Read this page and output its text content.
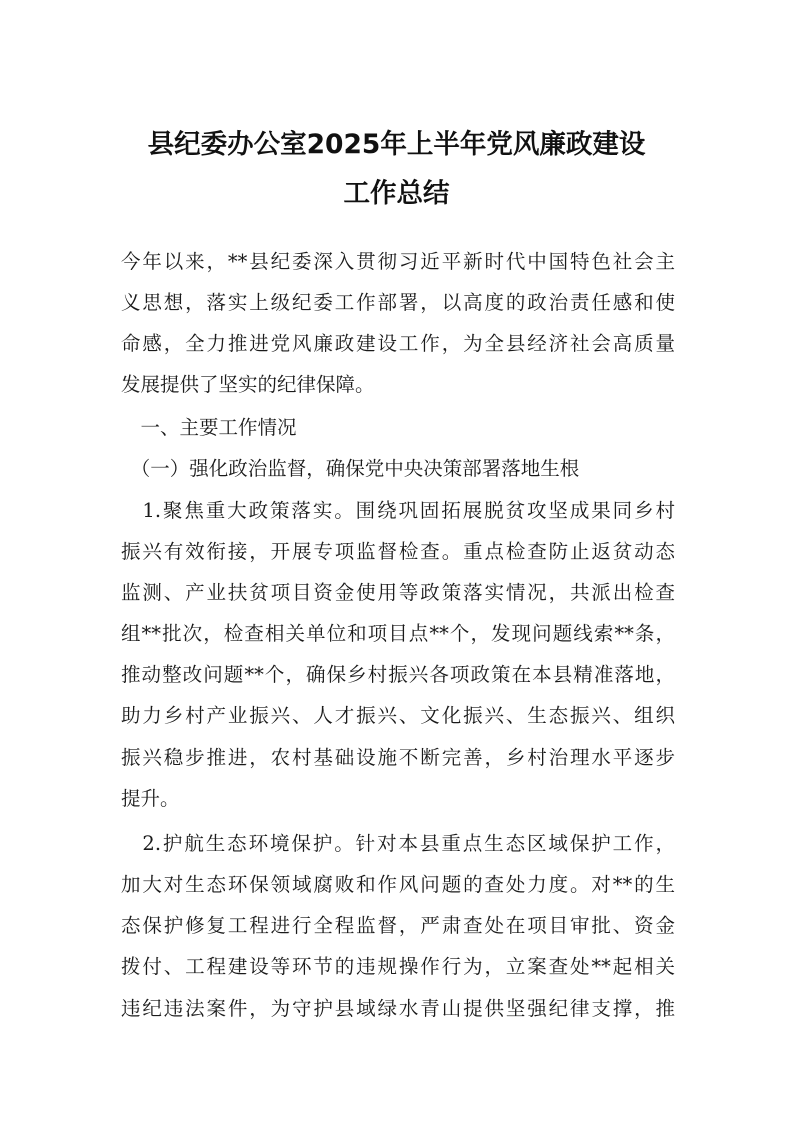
县纪委办公室2025年上半年党风廉政建设
工作总结
今年以来，**县纪委深入贯彻习近平新时代中国特色社会主
义思想，落实上级纪委工作部署，以高度的政治责任感和使
命感，全力推进党风廉政建设工作，为全县经济社会高质量
发展提供了坚实的纪律保障。
　一、主要工作情况
　（一）强化政治监督，确保党中央决策部署落地生根
　1.聚焦重大政策落实。围绕巩固拓展脱贫攻坚成果同乡村
振兴有效衔接，开展专项监督检查。重点检查防止返贫动态
监测、产业扶贫项目资金使用等政策落实情况，共派出检查
组**批次，检查相关单位和项目点**个，发现问题线索**条，
推动整改问题**个，确保乡村振兴各项政策在本县精准落地，
助力乡村产业振兴、人才振兴、文化振兴、生态振兴、组织
振兴稳步推进，农村基础设施不断完善，乡村治理水平逐步
提升。
　2.护航生态环境保护。针对本县重点生态区域保护工作，
加大对生态环保领域腐败和作风问题的查处力度。对**的生
态保护修复工程进行全程监督，严肃查处在项目审批、资金
拨付、工程建设等环节的违规操作行为，立案查处**起相关
违纪违法案件，为守护县域绿水青山提供坚强纪律支撑，推
